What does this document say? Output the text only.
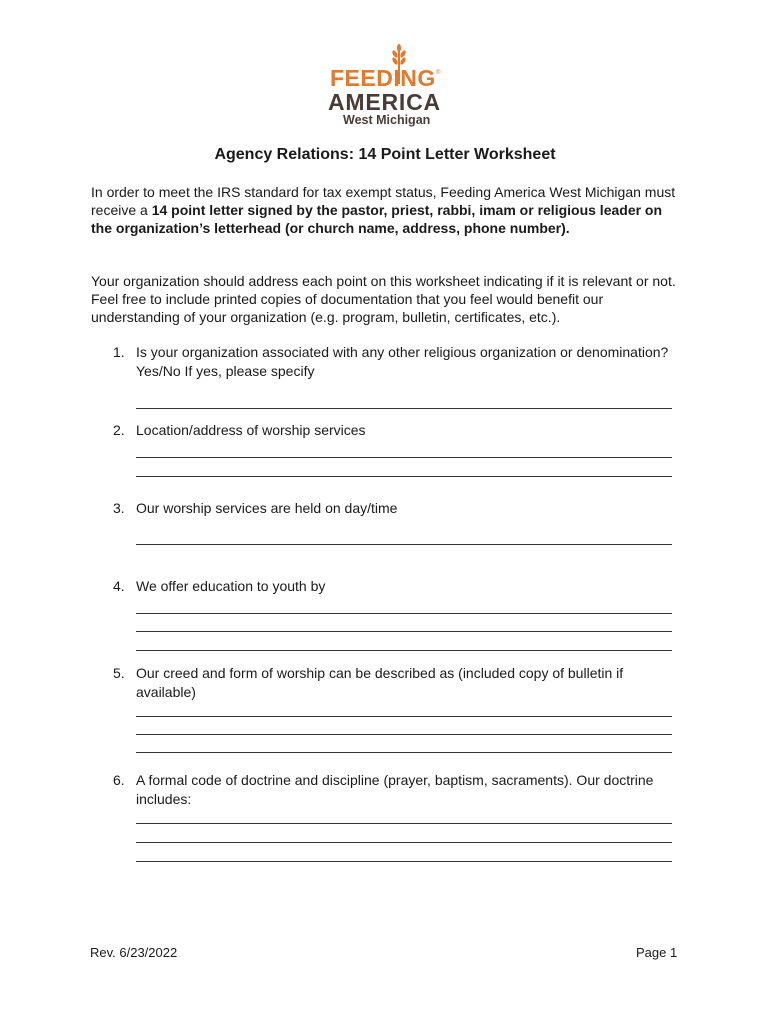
FEEDING ®
AMERICA
West Michigan
Agency Relations: 14 Point Letter Worksheet

In order to meet the IRS standard for tax exempt status, Feeding America West Michigan must receive a 14 point letter signed by the pastor, priest, rabbi, imam or religious leader on the organization’s letterhead (or church name, address, phone number).

Your organization should address each point on this worksheet indicating if it is relevant or not. Feel free to include printed copies of documentation that you feel would benefit our understanding of your organization (e.g. program, bulletin, certificates, etc.).

1. Is your organization associated with any other religious organization or denomination? Yes/No If yes, please specify
2. Location/address of worship services
3. Our worship services are held on day/time
4. We offer education to youth by
5. Our creed and form of worship can be described as (included copy of bulletin if available)
6. A formal code of doctrine and discipline (prayer, baptism, sacraments). Our doctrine includes:
Rev. 6/23/2022	Page 1
